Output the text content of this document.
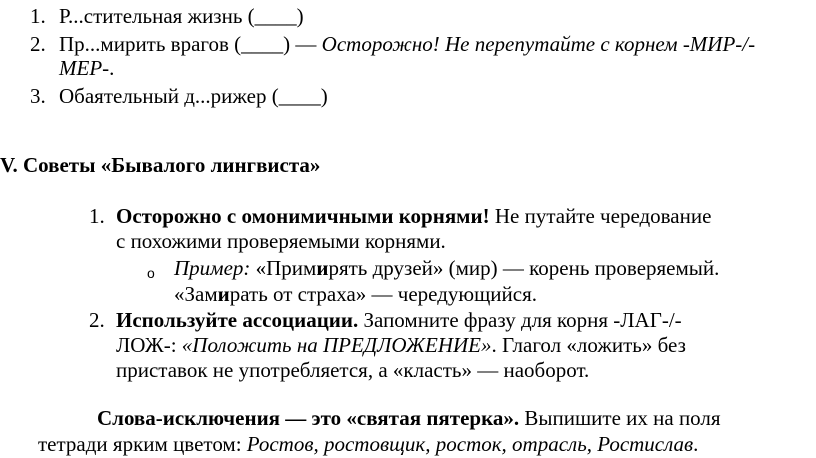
1. Р...стительная жизнь (____)
2. Пр...мирить врагов (____) — Осторожно! Не перепутайте с корнем -МИР-/-
МЕР-.
3. Обаятельный д...рижер (____)
V. Советы «Бывалого лингвиста»
1. Осторожно с омонимичными корнями! Не путайте чередование
с похожими проверяемыми корнями.
o Пример: «Примирять друзей» (мир) — корень проверяемый.
«Замирать от страха» — чередующийся.
2. Используйте ассоциации. Запомните фразу для корня -ЛАГ-/-
ЛОЖ-: «Положить на ПРЕДЛОЖЕНИЕ». Глагол «ложить» без
приставок не употребляется, а «класть» — наоборот.
Слова-исключения — это «святая пятерка». Выпишите их на поля
тетради ярким цветом: Ростов, ростовщик, росток, отрасль, Ростислав.
